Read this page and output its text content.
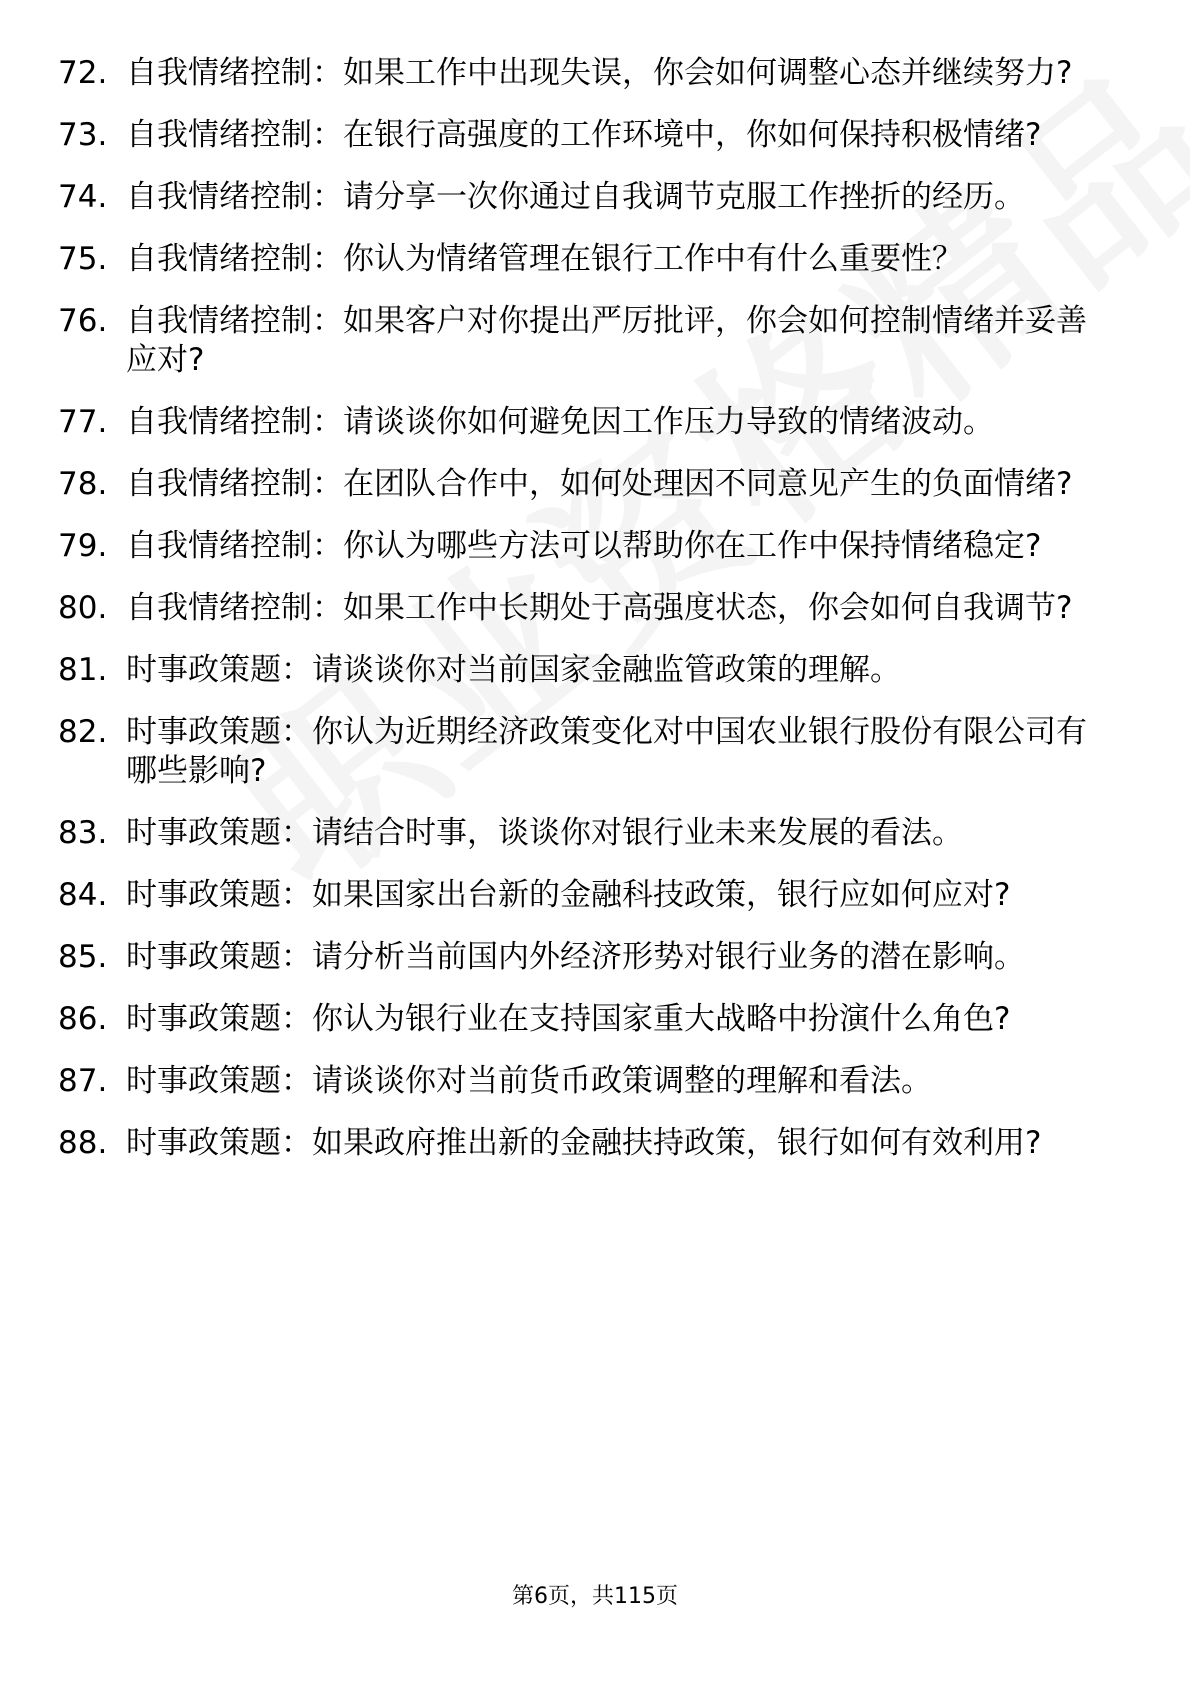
72. 自我情绪控制：如果工作中出现失误，你会如何调整心态并继续努力?
73. 自我情绪控制：在银行高强度的工作环境中，你如何保持积极情绪?
74. 自我情绪控制：请分享一次你通过自我调节克服工作挫折的经历。
75. 自我情绪控制：你认为情绪管理在银行工作中有什么重要性？
76. 自我情绪控制：如果客户对你提出严厉批评，你会如何控制情绪并妥善应对?
77. 自我情绪控制：请谈谈你如何避免因工作压力导致的情绪波动。
78. 自我情绪控制：在团队合作中，如何处理因不同意见产生的负面情绪?
79. 自我情绪控制：你认为哪些方法可以帮助你在工作中保持情绪稳定?
80. 自我情绪控制：如果工作中长期处于高强度状态，你会如何自我调节?
81. 时事政策题：请谈谈你对当前国家金融监管政策的理解。
82. 时事政策题：你认为近期经济政策变化对中国农业银行股份有限公司有哪些影响?
83. 时事政策题：请结合时事，谈谈你对银行业未来发展的看法。
84. 时事政策题：如果国家出台新的金融科技政策，银行应如何应对?
85. 时事政策题：请分析当前国内外经济形势对银行业务的潜在影响。
86. 时事政策题：你认为银行业在支持国家重大战略中扮演什么角色?
87. 时事政策题：请谈谈你对当前货币政策调整的理解和看法。
88. 时事政策题：如果政府推出新的金融扶持政策，银行如何有效利用?
第6页，共115页
